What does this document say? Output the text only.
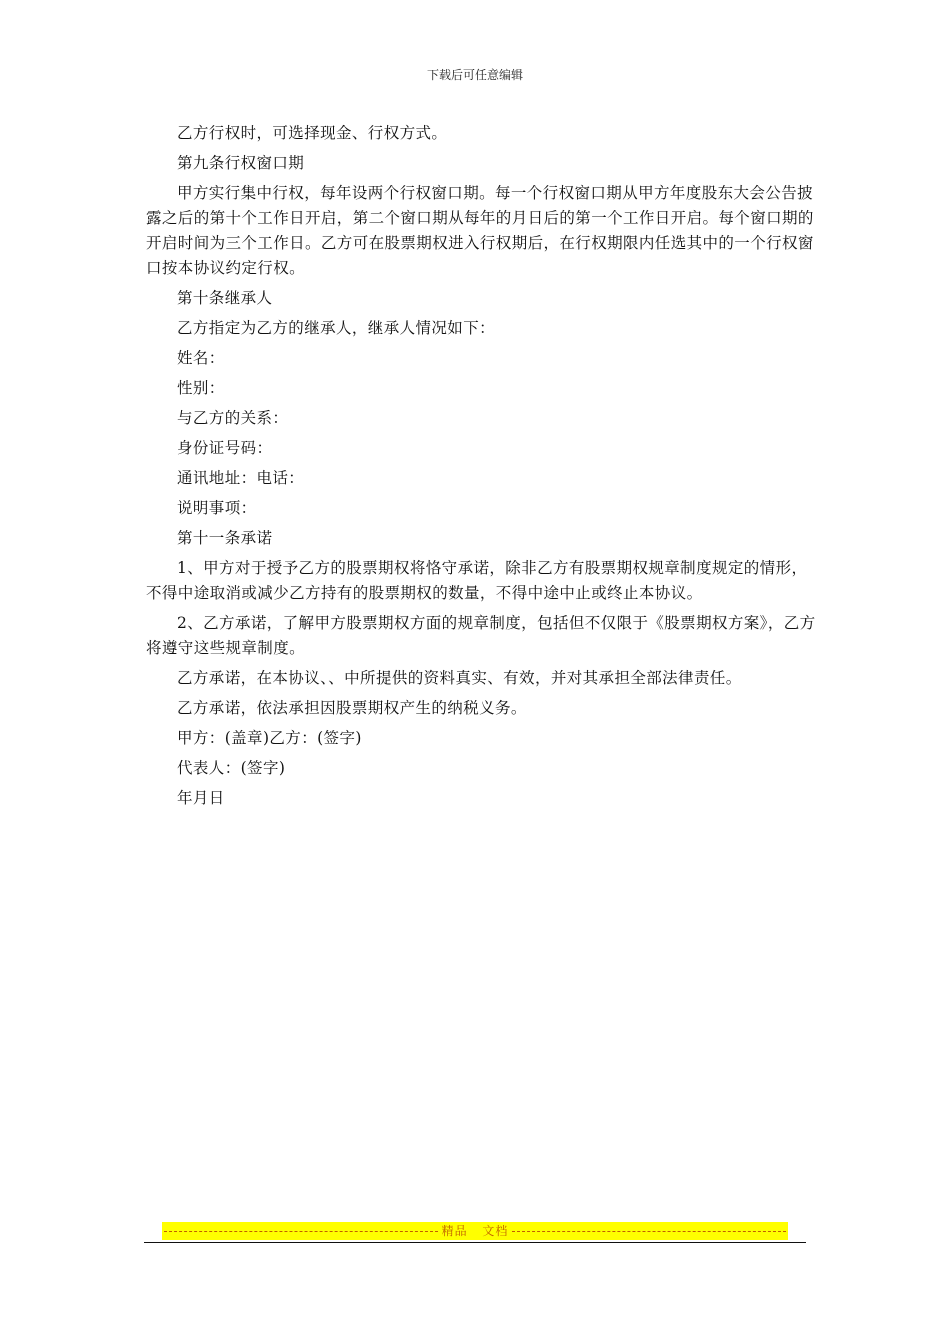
下载后可任意编辑

乙方行权时，可选择现金、行权方式。

第九条行权窗口期

甲方实行集中行权，每年设两个行权窗口期。每一个行权窗口期从甲方年度股东大会公告披露之后的第十个工作日开启，第二个窗口期从每年的月日后的第一个工作日开启。每个窗口期的开启时间为三个工作日。乙方可在股票期权进入行权期后，在行权期限内任选其中的一个行权窗口按本协议约定行权。

第十条继承人

乙方指定为乙方的继承人，继承人情况如下：

姓名：

性别：

与乙方的关系：

身份证号码：

通讯地址：电话：

说明事项：

第十一条承诺

1、甲方对于授予乙方的股票期权将恪守承诺，除非乙方有股票期权规章制度规定的情形，不得中途取消或减少乙方持有的股票期权的数量，不得中途中止或终止本协议。

2、乙方承诺，了解甲方股票期权方面的规章制度，包括但不仅限于《股票期权方案》，乙方将遵守这些规章制度。

乙方承诺，在本协议、、中所提供的资料真实、有效，并对其承担全部法律责任。

乙方承诺，依法承担因股票期权产生的纳税义务。

甲方：(盖章)乙方：(签字)

代表人：(签字)

年月日

精品 文档
